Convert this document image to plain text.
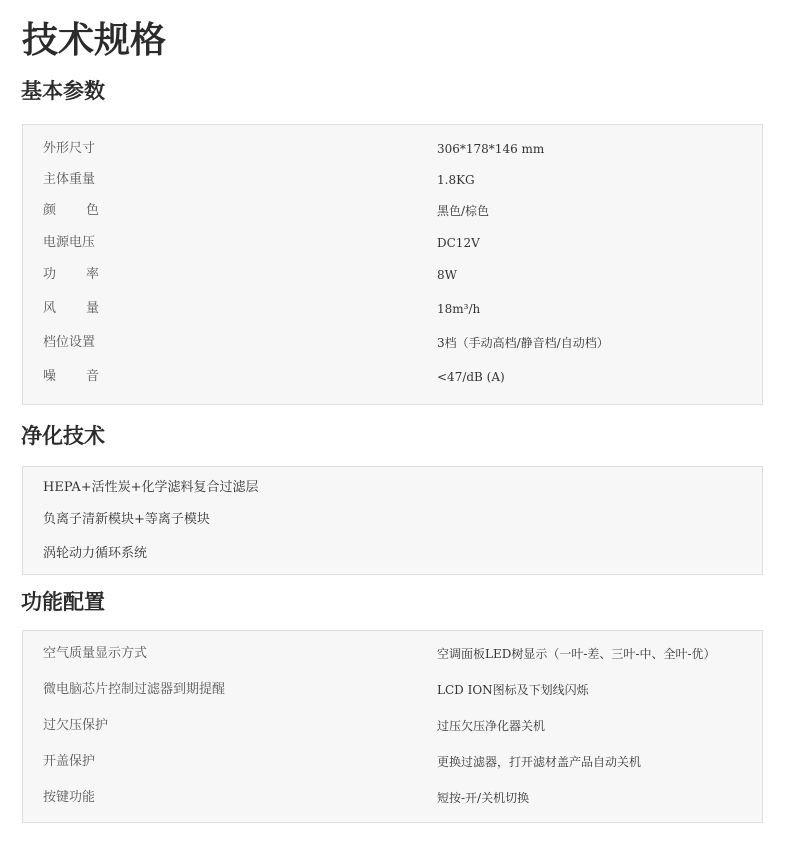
技术规格
基本参数
外形尺寸	306*178*146 mm
主体重量	1.8KG
颜 色	黑色/棕色
电源电压	DC12V
功 率	8W
风 量	18m³/h
档位设置	3档（手动高档/静音档/自动档）
噪 音	<47/dB (A)
净化技术
HEPA+活性炭+化学滤料复合过滤层
负离子清新模块+等离子模块
涡轮动力循环系统
功能配置
空气质量显示方式	空调面板LED树显示（一叶-差、三叶-中、全叶-优）
微电脑芯片控制过滤器到期提醒	LCD ION图标及下划线闪烁
过欠压保护	过压欠压净化器关机
开盖保护	更换过滤器，打开滤材盖产品自动关机
按键功能	短按-开/关机切换
